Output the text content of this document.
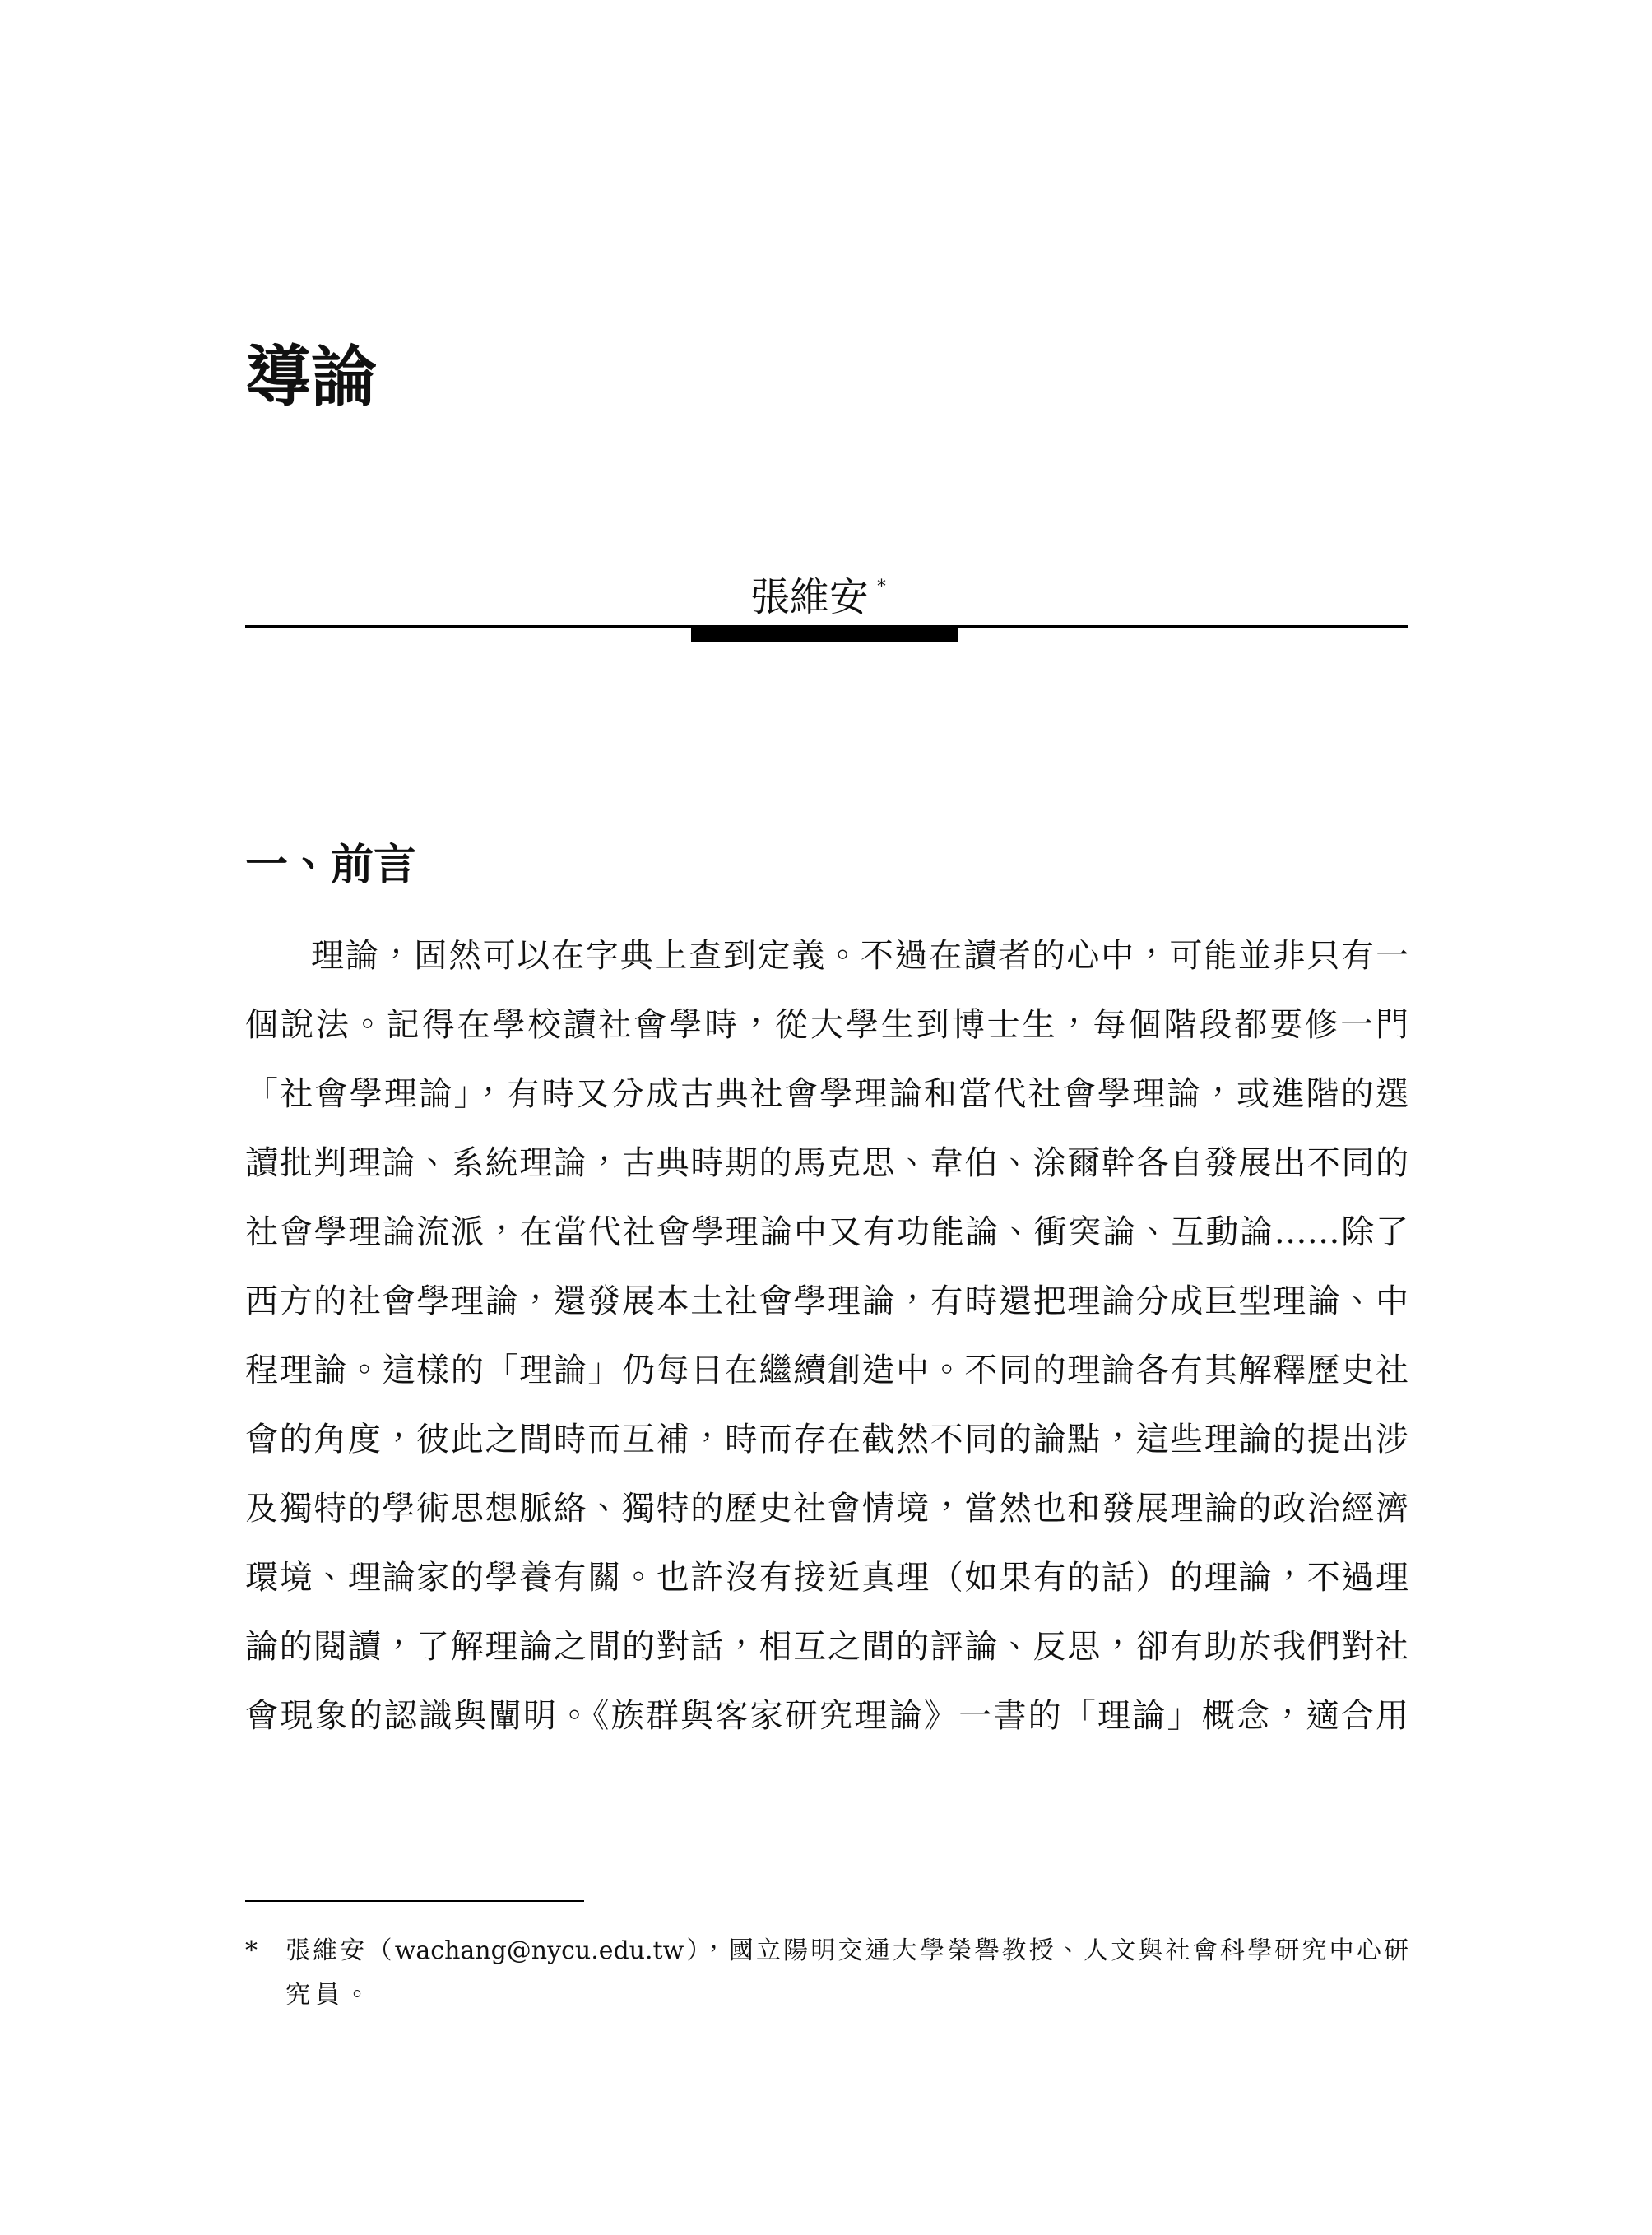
導論
張維安 *
一、前言
理論，固然可以在字典上查到定義。不過在讀者的心中，可能並非只有一
個說法。記得在學校讀社會學時，從大學生到博士生，每個階段都要修一門
「社會學理論」，有時又分成古典社會學理論和當代社會學理論，或進階的選
讀批判理論、系統理論，古典時期的馬克思、韋伯、涂爾幹各自發展出不同的
社會學理論流派，在當代社會學理論中又有功能論、衝突論、互動論……除了
西方的社會學理論，還發展本土社會學理論，有時還把理論分成巨型理論、中
程理論。這樣的「理論」仍每日在繼續創造中。不同的理論各有其解釋歷史社
會的角度，彼此之間時而互補，時而存在截然不同的論點，這些理論的提出涉
及獨特的學術思想脈絡、獨特的歷史社會情境，當然也和發展理論的政治經濟
環境、理論家的學養有關。也許沒有接近真理（如果有的話）的理論，不過理
論的閱讀，了解理論之間的對話，相互之間的評論、反思，卻有助於我們對社
會現象的認識與闡明。《族群與客家研究理論》一書的「理論」概念，適合用
* 張維安（wachang@nycu.edu.tw），國立陽明交通大學榮譽教授、人文與社會科學研究中心研
究員。
